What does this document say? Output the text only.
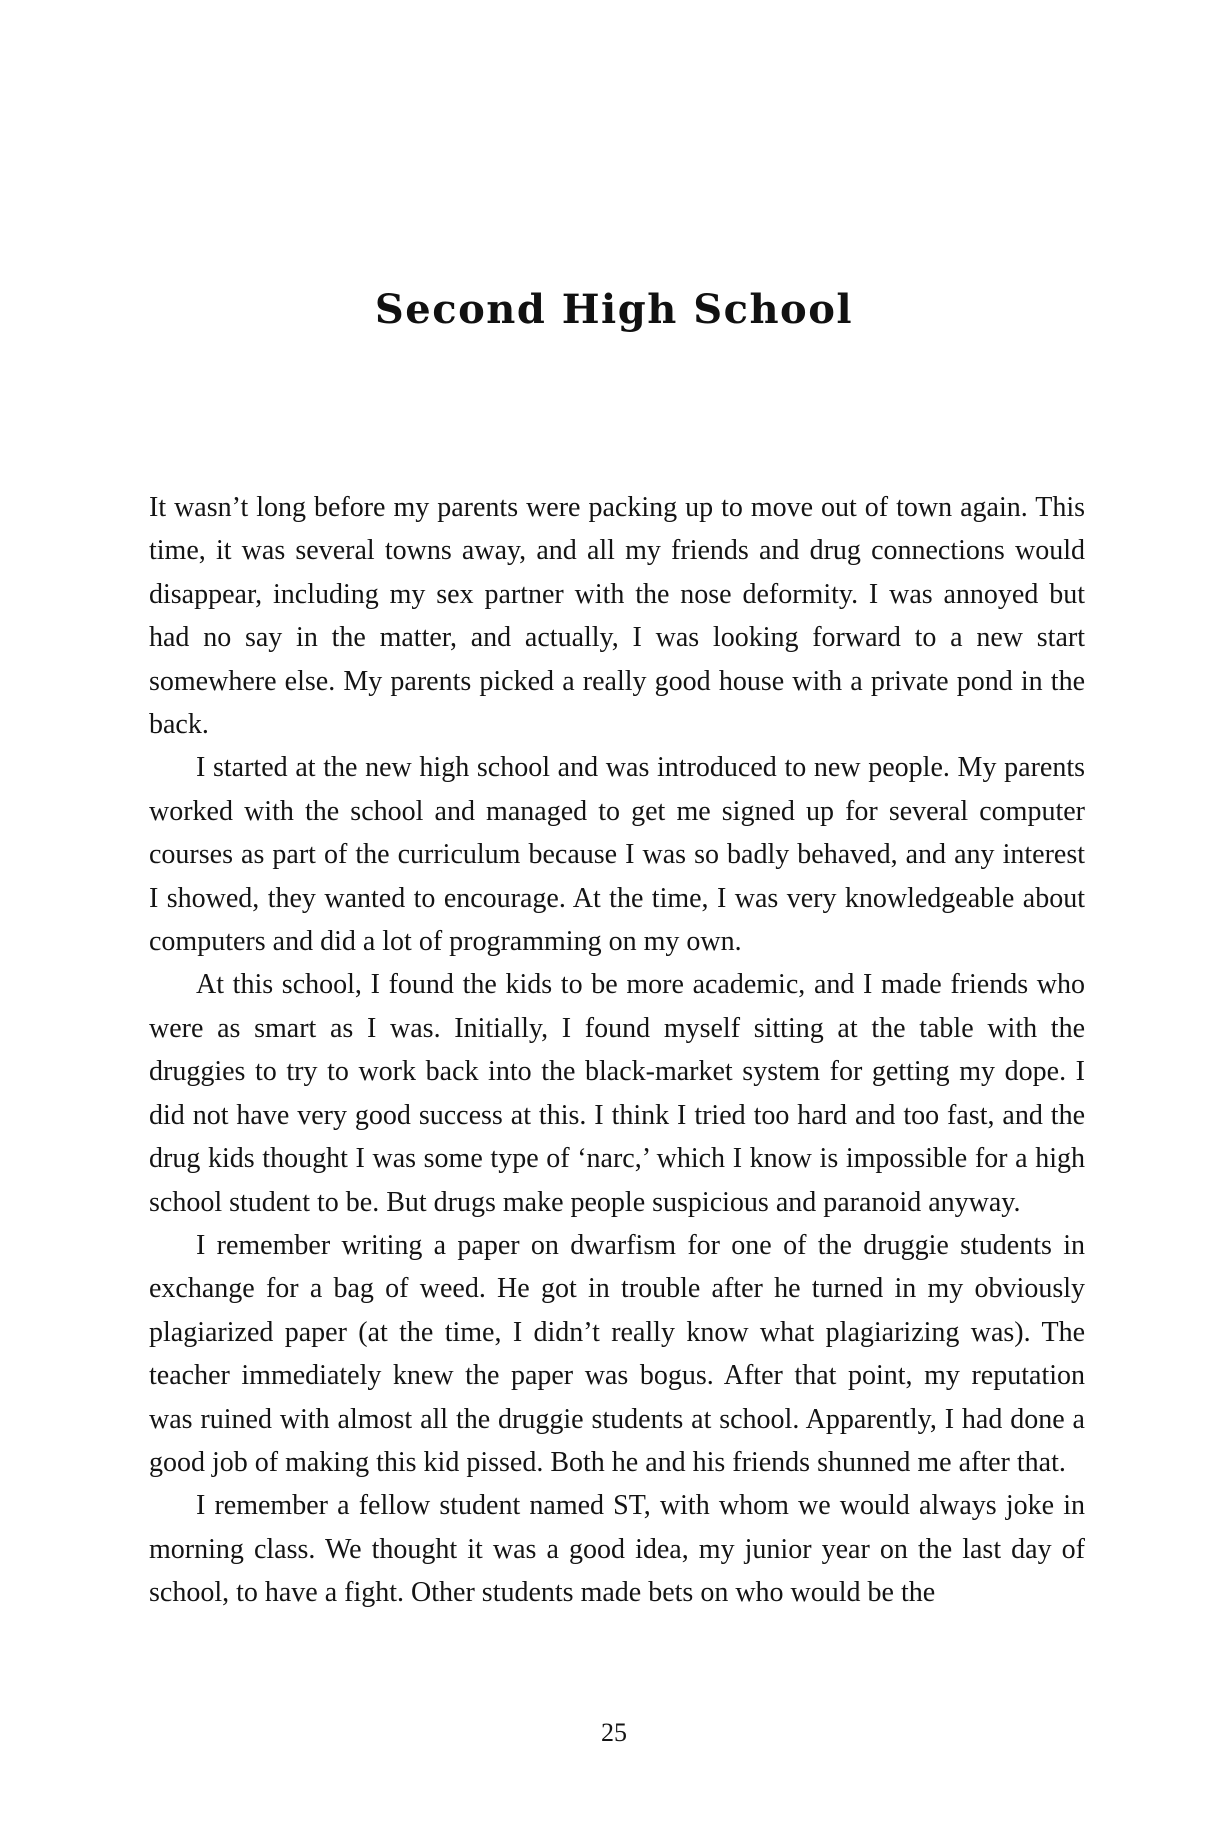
Second High School

It wasn’t long before my parents were packing up to move out of town again. This time, it was several towns away, and all my friends and drug connections would disappear, including my sex partner with the nose deformity. I was annoyed but had no say in the matter, and actually, I was looking forward to a new start somewhere else. My parents picked a really good house with a private pond in the back.

I started at the new high school and was introduced to new people. My parents worked with the school and managed to get me signed up for several computer courses as part of the curriculum because I was so badly behaved, and any interest I showed, they wanted to encourage. At the time, I was very knowledgeable about computers and did a lot of programming on my own.

At this school, I found the kids to be more academic, and I made friends who were as smart as I was. Initially, I found myself sitting at the table with the druggies to try to work back into the black-market system for getting my dope. I did not have very good success at this. I think I tried too hard and too fast, and the drug kids thought I was some type of ‘narc,’ which I know is impossible for a high school student to be. But drugs make people suspicious and paranoid anyway.

I remember writing a paper on dwarfism for one of the druggie students in exchange for a bag of weed. He got in trouble after he turned in my obviously plagiarized paper (at the time, I didn’t really know what plagiarizing was). The teacher immediately knew the paper was bogus. After that point, my reputation was ruined with almost all the druggie students at school. Apparently, I had done a good job of making this kid pissed. Both he and his friends shunned me after that.

I remember a fellow student named ST, with whom we would always joke in morning class. We thought it was a good idea, my junior year on the last day of school, to have a fight. Other students made bets on who would be the

25
